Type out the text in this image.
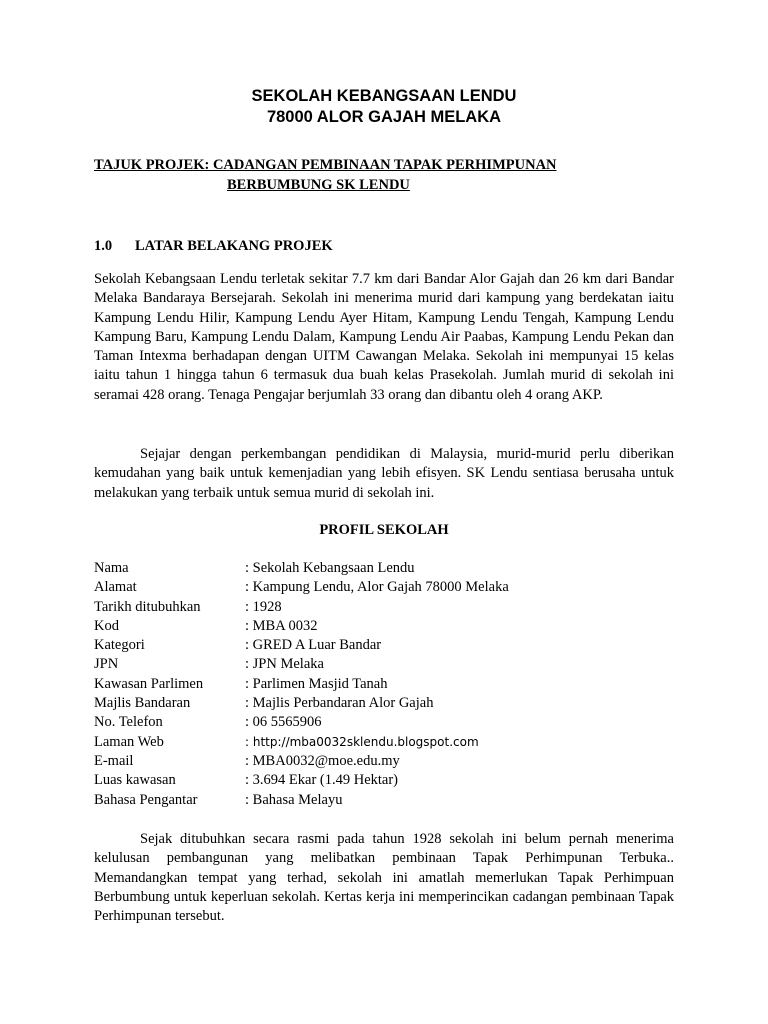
SEKOLAH KEBANGSAAN LENDU
78000 ALOR GAJAH MELAKA

TAJUK PROJEK: CADANGAN PEMBINAAN TAPAK PERHIMPUNAN

BERBUMBUNG SK LENDU

1.0 LATAR BELAKANG PROJEK

Sekolah Kebangsaan Lendu terletak sekitar 7.7 km dari Bandar Alor Gajah dan 26 km dari Bandar Melaka Bandaraya Bersejarah. Sekolah ini menerima murid dari kampung yang berdekatan iaitu Kampung Lendu Hilir, Kampung Lendu Ayer Hitam, Kampung Lendu Tengah, Kampung Lendu Kampung Baru, Kampung Lendu Dalam, Kampung Lendu Air Paabas, Kampung Lendu Pekan dan Taman Intexma berhadapan dengan UITM Cawangan Melaka. Sekolah ini mempunyai 15 kelas iaitu tahun 1 hingga tahun 6 termasuk dua buah kelas Prasekolah. Jumlah murid di sekolah ini seramai 428 orang. Tenaga Pengajar berjumlah 33 orang dan dibantu oleh 4 orang AKP.

Sejajar dengan perkembangan pendidikan di Malaysia, murid-murid perlu diberikan kemudahan yang baik untuk kemenjadian yang lebih efisyen. SK Lendu sentiasa berusaha untuk melakukan yang terbaik untuk semua murid di sekolah ini.

PROFIL SEKOLAH
Nama	: Sekolah Kebangsaan Lendu
Alamat	: Kampung Lendu, Alor Gajah 78000 Melaka
Tarikh ditubuhkan	: 1928
Kod	: MBA 0032
Kategori	: GRED A Luar Bandar
JPN	: JPN Melaka
Kawasan Parlimen	: Parlimen Masjid Tanah
Majlis Bandaran	: Majlis Perbandaran Alor Gajah
No. Telefon	: 06 5565906
Laman Web	: http://mba0032sklendu.blogspot.com
E-mail	: MBA0032@moe.edu.my
Luas kawasan	: 3.694 Ekar (1.49 Hektar)
Bahasa Pengantar	: Bahasa Melayu

Sejak ditubuhkan secara rasmi pada tahun 1928 sekolah ini belum pernah menerima kelulusan pembangunan yang melibatkan pembinaan Tapak Perhimpunan Terbuka.. Memandangkan tempat yang terhad, sekolah ini amatlah memerlukan Tapak Perhimpuan Berbumbung untuk keperluan sekolah. Kertas kerja ini memperincikan cadangan pembinaan Tapak Perhimpunan tersebut.
